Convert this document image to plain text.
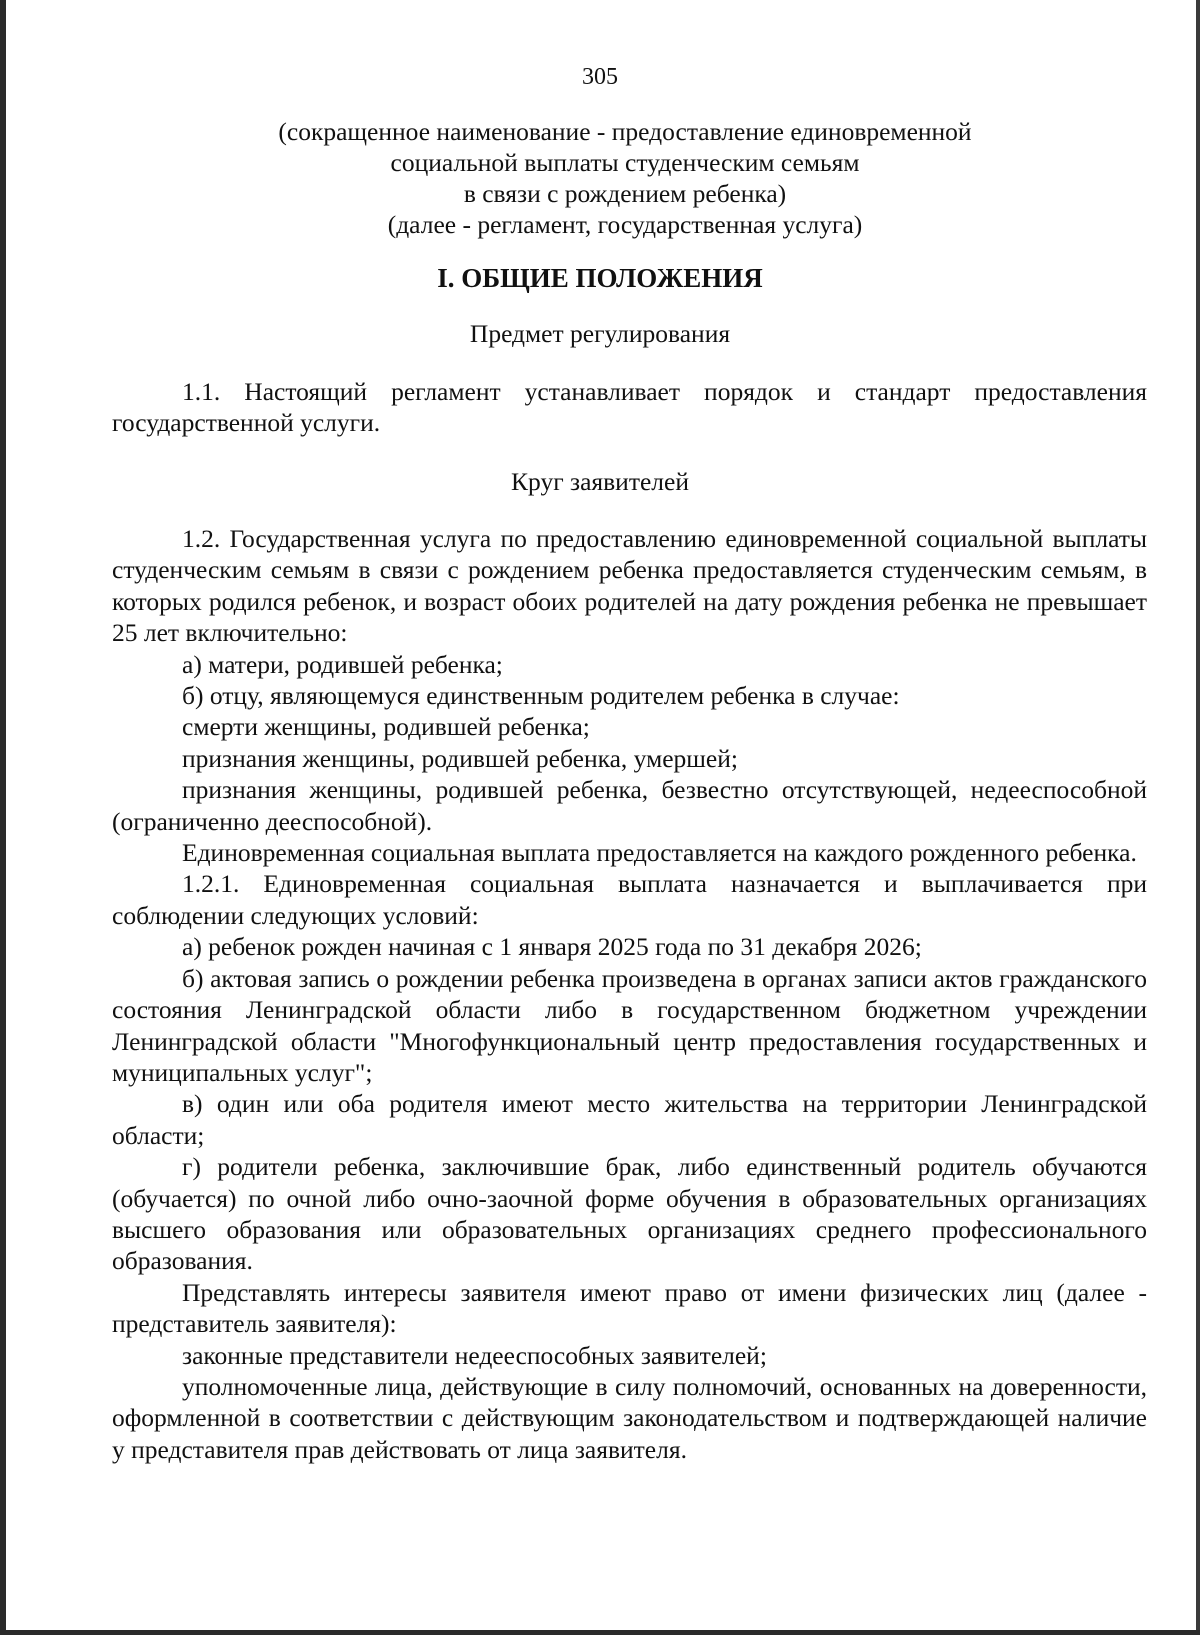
305
(сокращенное наименование - предоставление единовременной
социальной выплаты студенческим семьям
в связи с рождением ребенка)
(далее - регламент, государственная услуга)
I. ОБЩИЕ ПОЛОЖЕНИЯ
Предмет регулирования

1.1. Настоящий регламент устанавливает порядок и стандарт предоставления государственной услуги.

Круг заявителей

1.2. Государственная услуга по предоставлению единовременной социальной выплаты студенческим семьям в связи с рождением ребенка предоставляется студенческим семьям, в которых родился ребенок, и возраст обоих родителей на дату рождения ребенка не превышает 25 лет включительно:

а) матери, родившей ребенка;

б) отцу, являющемуся единственным родителем ребенка в случае:

смерти женщины, родившей ребенка;

признания женщины, родившей ребенка, умершей;

признания женщины, родившей ребенка, безвестно отсутствующей, недееспособной (ограниченно дееспособной).

Единовременная социальная выплата предоставляется на каждого рожденного ребенка.

1.2.1. Единовременная социальная выплата назначается и выплачивается при соблюдении следующих условий:

а) ребенок рожден начиная с 1 января 2025 года по 31 декабря 2026;

б) актовая запись о рождении ребенка произведена в органах записи актов гражданского состояния Ленинградской области либо в государственном бюджетном учреждении Ленинградской области "Многофункциональный центр предоставления государственных и муниципальных услуг";

в) один или оба родителя имеют место жительства на территории Ленинградской области;

г) родители ребенка, заключившие брак, либо единственный родитель обучаются (обучается) по очной либо очно-заочной форме обучения в образовательных организациях высшего образования или образовательных организациях среднего профессионального образования.

Представлять интересы заявителя имеют право от имени физических лиц (далее - представитель заявителя):

законные представители недееспособных заявителей;

уполномоченные лица, действующие в силу полномочий, основанных на доверенности, оформленной в соответствии с действующим законодательством и подтверждающей наличие у представителя прав действовать от лица заявителя.
